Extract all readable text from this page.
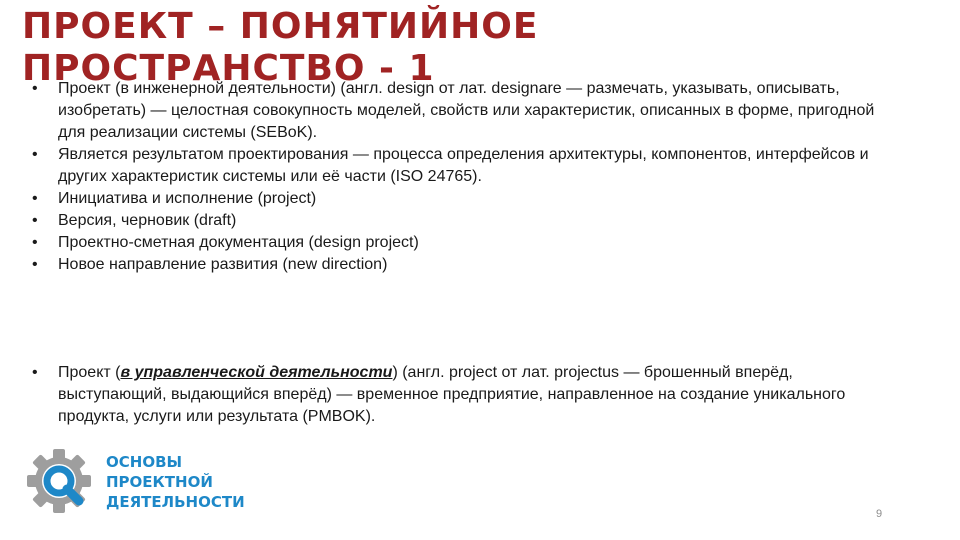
ПРОЕКТ – ПОНЯТИЙНОЕ ПРОСТРАНСТВО - 1
• Проект (в инженерной деятельности) (англ. design от лат. designare — размечать, указывать, описывать, изобретать) — целостная совокупность моделей, свойств или характеристик, описанных в форме, пригодной для реализации системы (SEBoK).
• Является результатом проектирования — процесса определения архитектуры, компонентов, интерфейсов и других характеристик системы или её части (ISO 24765).
• Инициатива и исполнение (project)
• Версия, черновик (draft)
• Проектно-сметная документация (design project)
• Новое направление развития (new direction)
• Проект (в управленческой деятельности) (англ. project от лат. projectus — брошенный вперёд, выступающий, выдающийся вперёд) — временное предприятие, направленное на создание уникального продукта, услуги или результата (PMBOK).
ОСНОВЫ
ПРОЕКТНОЙ
ДЕЯТЕЛЬНОСТИ
9
